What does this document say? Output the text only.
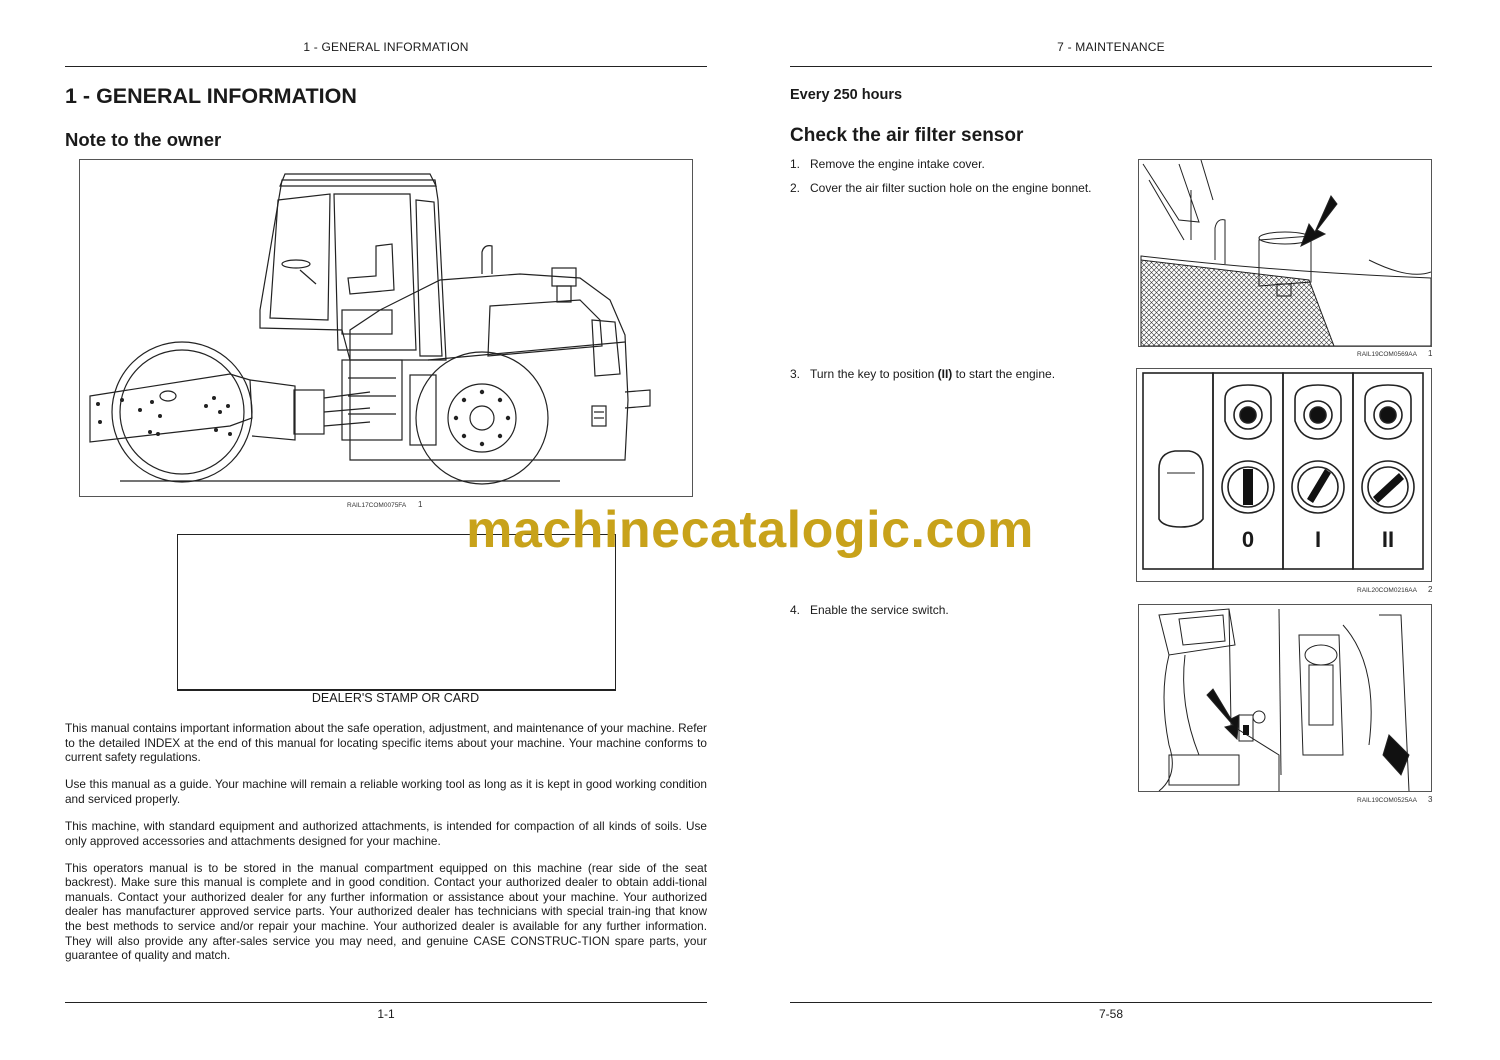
1 - GENERAL INFORMATION
1 - GENERAL INFORMATION
Note to the owner
RAIL17COM0075FA 1
DEALER'S STAMP OR CARD

This manual contains important information about the safe operation, adjustment, and maintenance of your machine. Refer to the detailed INDEX at the end of this manual for locating specific items about your machine. Your machine conforms to current safety regulations.

Use this manual as a guide. Your machine will remain a reliable working tool as long as it is kept in good working condition and serviced properly.

This machine, with standard equipment and authorized attachments, is intended for compaction of all kinds of soils. Use only approved accessories and attachments designed for your machine.

This operators manual is to be stored in the manual compartment equipped on this machine (rear side of the seat backrest). Make sure this manual is complete and in good condition. Contact your authorized dealer to obtain addi-tional manuals. Contact your authorized dealer for any further information or assistance about your machine. Your authorized dealer has manufacturer approved service parts. Your authorized dealer has technicians with special train-ing that know the best methods to service and/or repair your machine. Your authorized dealer is available for any further information. They will also provide any after-sales service you may need, and genuine CASE CONSTRUC-TION spare parts, your guarantee of quality and match.

1-1
7 - MAINTENANCE
Every 250 hours
Check the air filter sensor
1. Remove the engine intake cover.
2. Cover the air filter suction hole on the engine bonnet.
3. Turn the key to position (II) to start the engine.
4. Enable the service switch.
RAIL19COM0569AA 1
0	I	II
RAIL20COM0216AA 2
RAIL19COM0525AA 3
7-58
machinecatalogic.com
